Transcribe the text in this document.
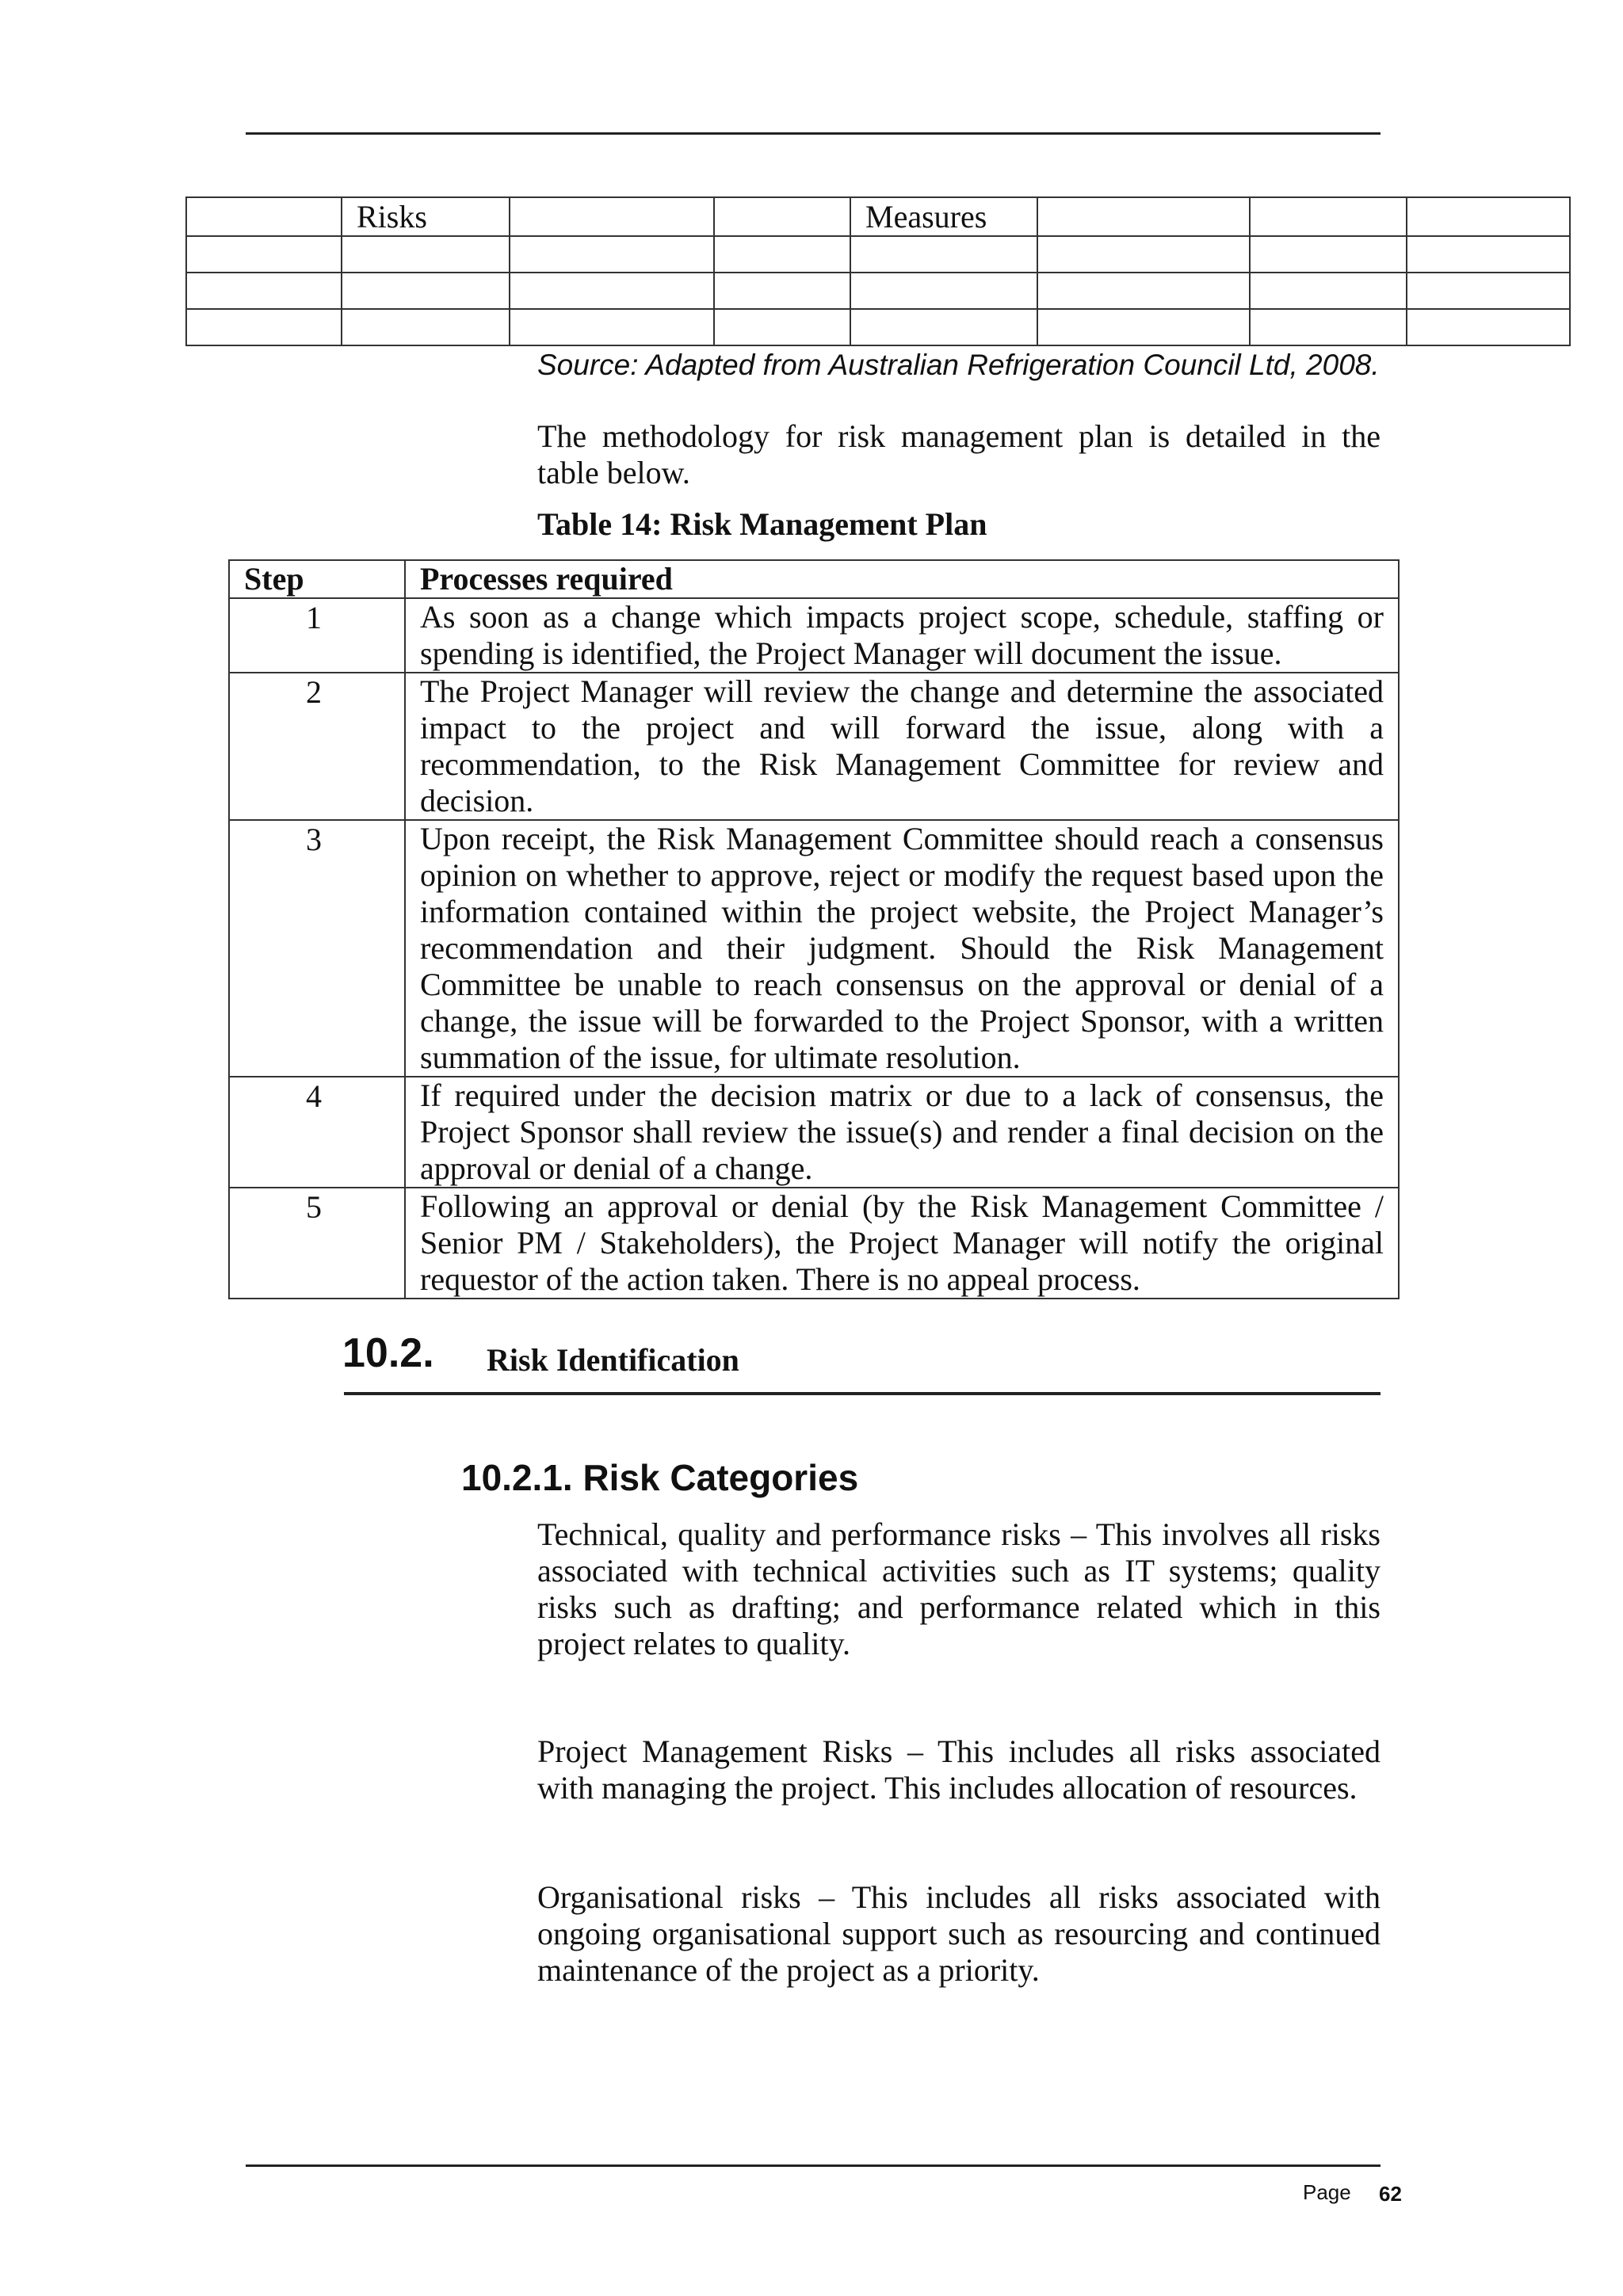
	Risks			Measures			

Source: Adapted from Australian Refrigeration Council Ltd, 2008.
The methodology for risk management plan is detailed in the table below.
Table 14: Risk Management Plan
Step	Processes required
1	As soon as a change which impacts project scope, schedule, staffing or spending is identified, the Project Manager will document the issue.
2	The Project Manager will review the change and determine the associated impact to the project and will forward the issue, along with a recommendation, to the Risk Management Committee for review and decision.
3	Upon receipt, the Risk Management Committee should reach a consensus opinion on whether to approve, reject or modify the request based upon the information contained within the project website, the Project Manager’s recommendation and their judgment. Should the Risk Management Committee be unable to reach consensus on the approval or denial of a change, the issue will be forwarded to the Project Sponsor, with a written summation of the issue, for ultimate resolution.
4	If required under the decision matrix or due to a lack of consensus, the Project Sponsor shall review the issue(s) and render a final decision on the approval or denial of a change.
5	Following an approval or denial (by the Risk Management Committee / Senior PM / Stakeholders), the Project Manager will notify the original requestor of the action taken. There is no appeal process.
10.2. Risk Identification
10.2.1. Risk Categories
Technical, quality and performance risks – This involves all risks associated with technical activities such as IT systems; quality risks such as drafting; and performance related which in this project relates to quality.
Project Management Risks – This includes all risks associated with managing the project. This includes allocation of resources.
Organisational risks – This includes all risks associated with ongoing organisational support such as resourcing and continued maintenance of the project as a priority.
Page 62
